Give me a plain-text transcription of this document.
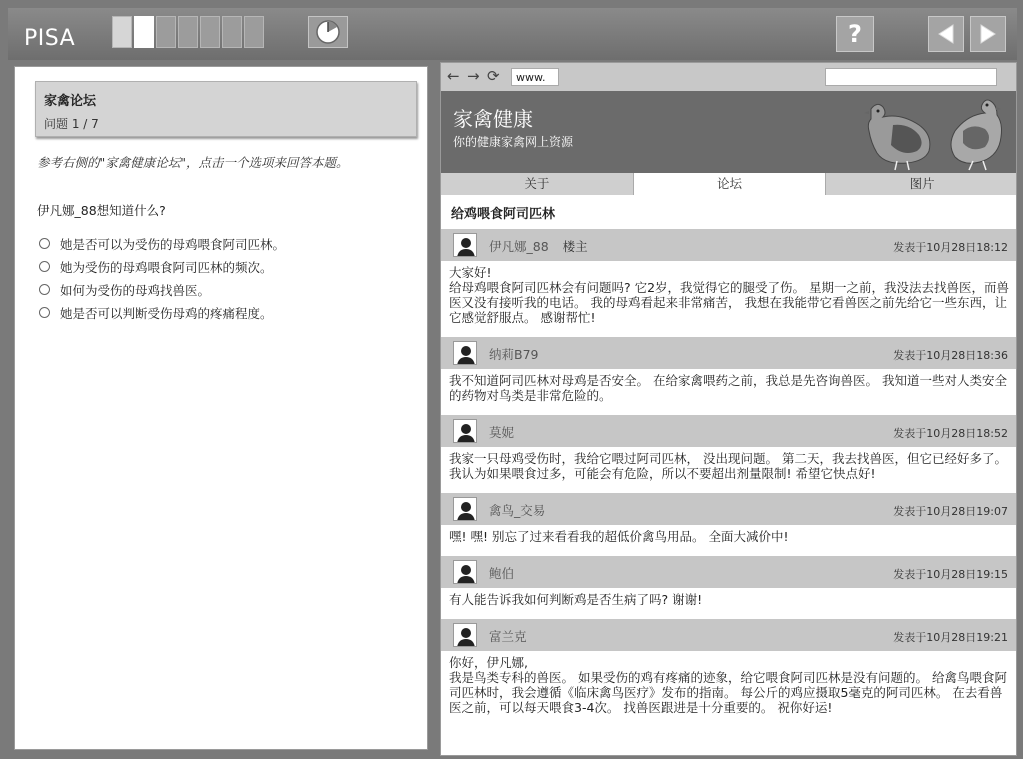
PISA	?
家禽论坛
问题 1 / 7
参考右侧的"家禽健康论坛"，点击一个选项来回答本题。
伊凡娜_88想知道什么?
她是否可以为受伤的母鸡喂食阿司匹林。
她为受伤的母鸡喂食阿司匹林的频次。
如何为受伤的母鸡找兽医。
她是否可以判断受伤母鸡的疼痛程度。
← → ⟳	www.
家禽健康
你的健康家禽网上资源
关于	论坛	图片
给鸡喂食阿司匹林
伊凡娜_88 楼主	发表于10月28日18:12
大家好!
给母鸡喂食阿司匹林会有问题吗? 它2岁，我觉得它的腿受了伤。 星期一之前，我没法去找兽医，而兽医又没有接听我的电话。 我的母鸡看起来非常痛苦， 我想在我能带它看兽医之前先给它一些东西，让它感觉舒服点。 感谢帮忙!
纳莉B79	发表于10月28日18:36
我不知道阿司匹林对母鸡是否安全。 在给家禽喂药之前，我总是先咨询兽医。 我知道一些对人类安全的药物对鸟类是非常危险的。
莫妮	发表于10月28日18:52
我家一只母鸡受伤时，我给它喂过阿司匹林， 没出现问题。 第二天，我去找兽医，但它已经好多了。 我认为如果喂食过多，可能会有危险，所以不要超出剂量限制! 希望它快点好!
禽鸟_交易	发表于10月28日19:07
嘿! 嘿! 别忘了过来看看我的超低价禽鸟用品。 全面大减价中!
鲍伯	发表于10月28日19:15
有人能告诉我如何判断鸡是否生病了吗? 谢谢!
富兰克	发表于10月28日19:21
你好，伊凡娜,
我是鸟类专科的兽医。 如果受伤的鸡有疼痛的迹象，给它喂食阿司匹林是没有问题的。 给禽鸟喂食阿司匹林时，我会遵循《临床禽鸟医疗》发布的指南。 每公斤的鸡应摄取5毫克的阿司匹林。 在去看兽医之前，可以每天喂食3-4次。 找兽医跟进是十分重要的。 祝你好运!
